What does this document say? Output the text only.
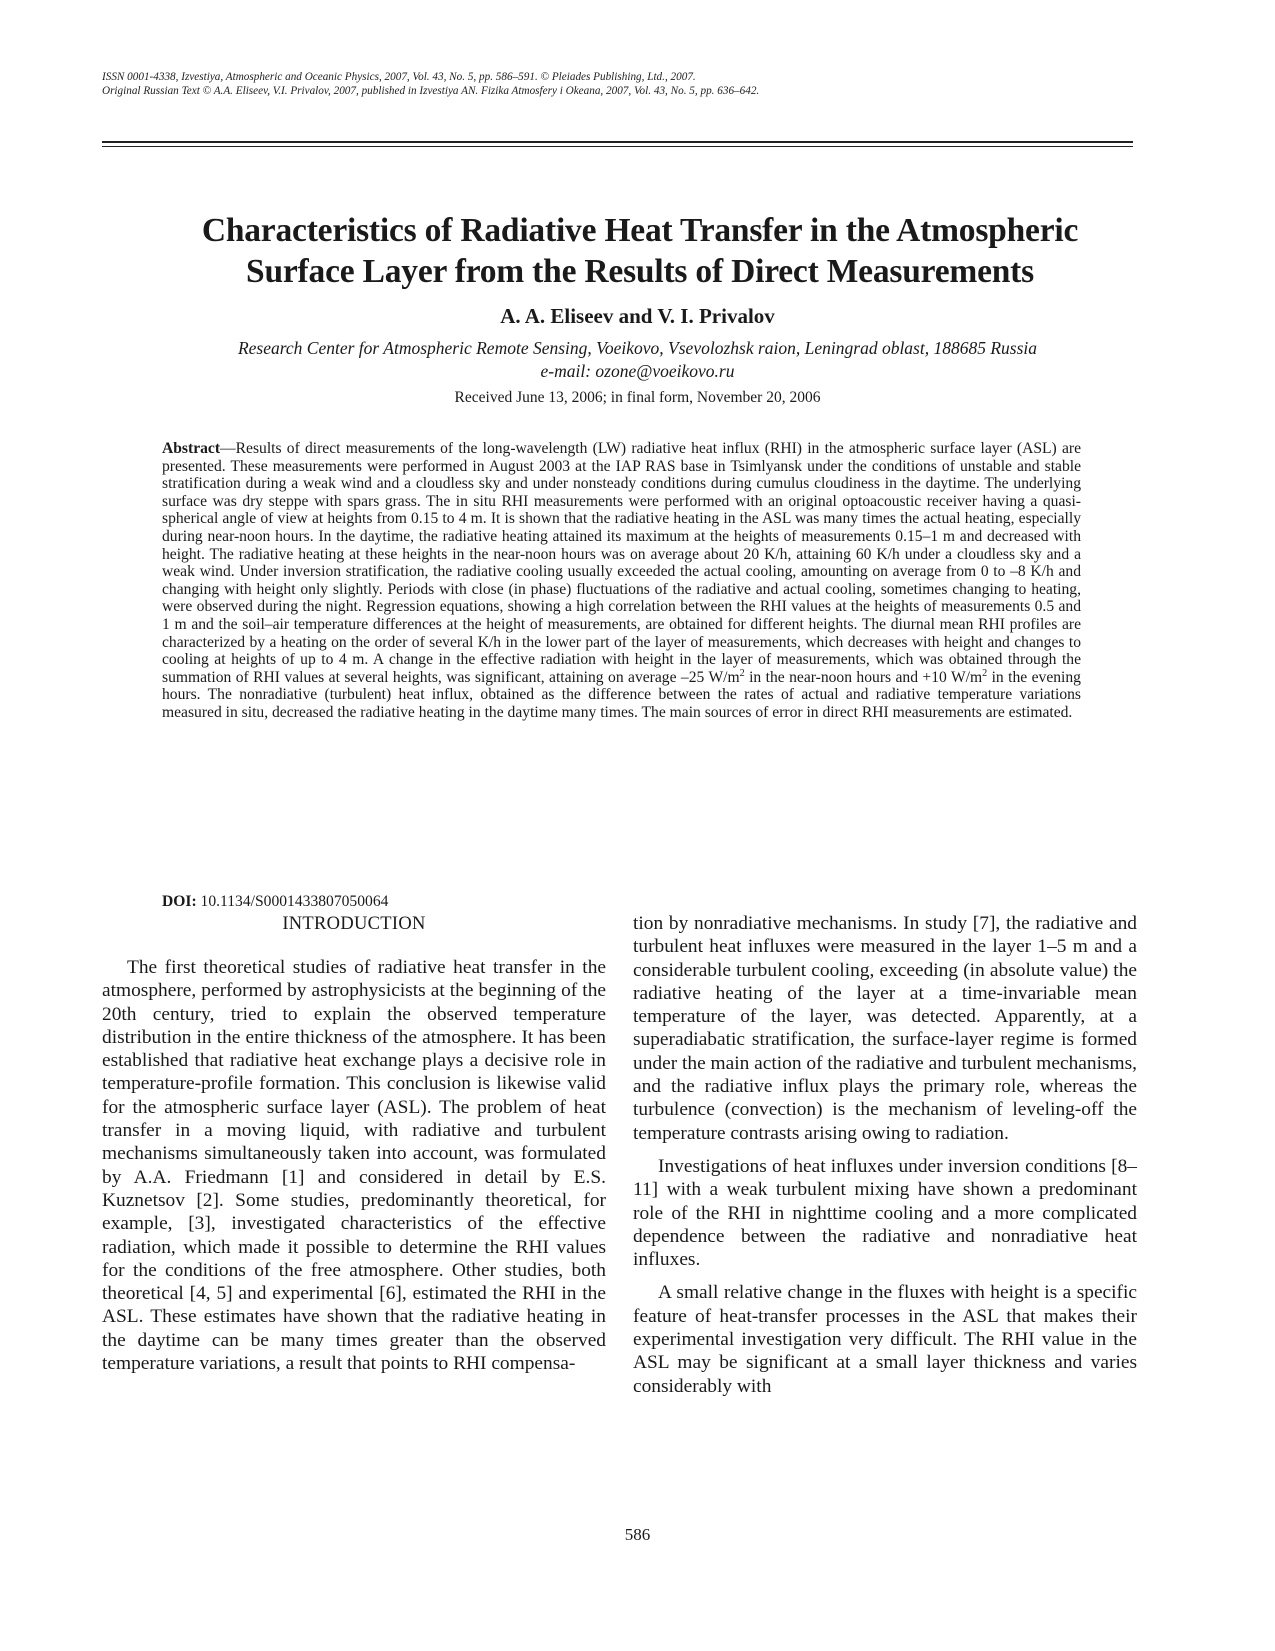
ISSN 0001-4338, Izvestiya, Atmospheric and Oceanic Physics, 2007, Vol. 43, No. 5, pp. 586–591. © Pleiades Publishing, Ltd., 2007.
Original Russian Text © A.A. Eliseev, V.I. Privalov, 2007, published in Izvestiya AN. Fizika Atmosfery i Okeana, 2007, Vol. 43, No. 5, pp. 636–642.
Characteristics of Radiative Heat Transfer in the Atmospheric
Surface Layer from the Results of Direct Measurements
A. A. Eliseev and V. I. Privalov
Research Center for Atmospheric Remote Sensing, Voeikovo, Vsevolozhsk raion, Leningrad oblast, 188685 Russia
e-mail: ozone@voeikovo.ru
Received June 13, 2006; in final form, November 20, 2006
Abstract—Results of direct measurements of the long-wavelength (LW) radiative heat influx (RHI) in the atmospheric surface layer (ASL) are presented. These measurements were performed in August 2003 at the IAP RAS base in Tsimlyansk under the conditions of unstable and stable stratification during a weak wind and a cloudless sky and under nonsteady conditions during cumulus cloudiness in the daytime. The underlying surface was dry steppe with spars grass. The in situ RHI measurements were performed with an original optoacoustic receiver having a quasi-spherical angle of view at heights from 0.15 to 4 m. It is shown that the radiative heating in the ASL was many times the actual heating, especially during near-noon hours. In the daytime, the radiative heating attained its maximum at the heights of measurements 0.15–1 m and decreased with height. The radiative heating at these heights in the near-noon hours was on average about 20 K/h, attaining 60 K/h under a cloudless sky and a weak wind. Under inversion stratification, the radiative cooling usually exceeded the actual cooling, amounting on average from 0 to –8 K/h and changing with height only slightly. Periods with close (in phase) fluctuations of the radiative and actual cooling, sometimes changing to heating, were observed during the night. Regression equations, showing a high correlation between the RHI values at the heights of measurements 0.5 and 1 m and the soil–air temperature differences at the height of measurements, are obtained for different heights. The diurnal mean RHI profiles are characterized by a heating on the order of several K/h in the lower part of the layer of measurements, which decreases with height and changes to cooling at heights of up to 4 m. A change in the effective radiation with height in the layer of measurements, which was obtained through the summation of RHI values at several heights, was significant, attaining on average –25 $W/m^2$ in the near-noon hours and +10 $W/m^2$ in the evening hours. The nonradiative (turbulent) heat influx, obtained as the difference between the rates of actual and radiative temperature variations measured in situ, decreased the radiative heating in the daytime many times. The main sources of error in direct RHI measurements are estimated.
DOI: 10.1134/S0001433807050064
INTRODUCTION

The first theoretical studies of radiative heat transfer in the atmosphere, performed by astrophysicists at the beginning of the 20th century, tried to explain the observed temperature distribution in the entire thickness of the atmosphere. It has been established that radiative heat exchange plays a decisive role in temperature-profile formation. This conclusion is likewise valid for the atmospheric surface layer (ASL). The problem of heat transfer in a moving liquid, with radiative and turbulent mechanisms simultaneously taken into account, was formulated by A.A. Friedmann [1] and considered in detail by E.S. Kuznetsov [2]. Some studies, predominantly theoretical, for example, [3], investigated characteristics of the effective radiation, which made it possible to determine the RHI values for the conditions of the free atmosphere. Other studies, both theoretical [4, 5] and experimental [6], estimated the RHI in the ASL. These estimates have shown that the radiative heating in the daytime can be many times greater than the observed temperature variations, a result that points to RHI compensa-

tion by nonradiative mechanisms. In study [7], the radiative and turbulent heat influxes were measured in the layer 1–5 m and a considerable turbulent cooling, exceeding (in absolute value) the radiative heating of the layer at a time-invariable mean temperature of the layer, was detected. Apparently, at a superadiabatic stratification, the surface-layer regime is formed under the main action of the radiative and turbulent mechanisms, and the radiative influx plays the primary role, whereas the turbulence (convection) is the mechanism of leveling-off the temperature contrasts arising owing to radiation.

Investigations of heat influxes under inversion conditions [8–11] with a weak turbulent mixing have shown a predominant role of the RHI in nighttime cooling and a more complicated dependence between the radiative and nonradiative heat influxes.

A small relative change in the fluxes with height is a specific feature of heat-transfer processes in the ASL that makes their experimental investigation very difficult. The RHI value in the ASL may be significant at a small layer thickness and varies considerably with

586
